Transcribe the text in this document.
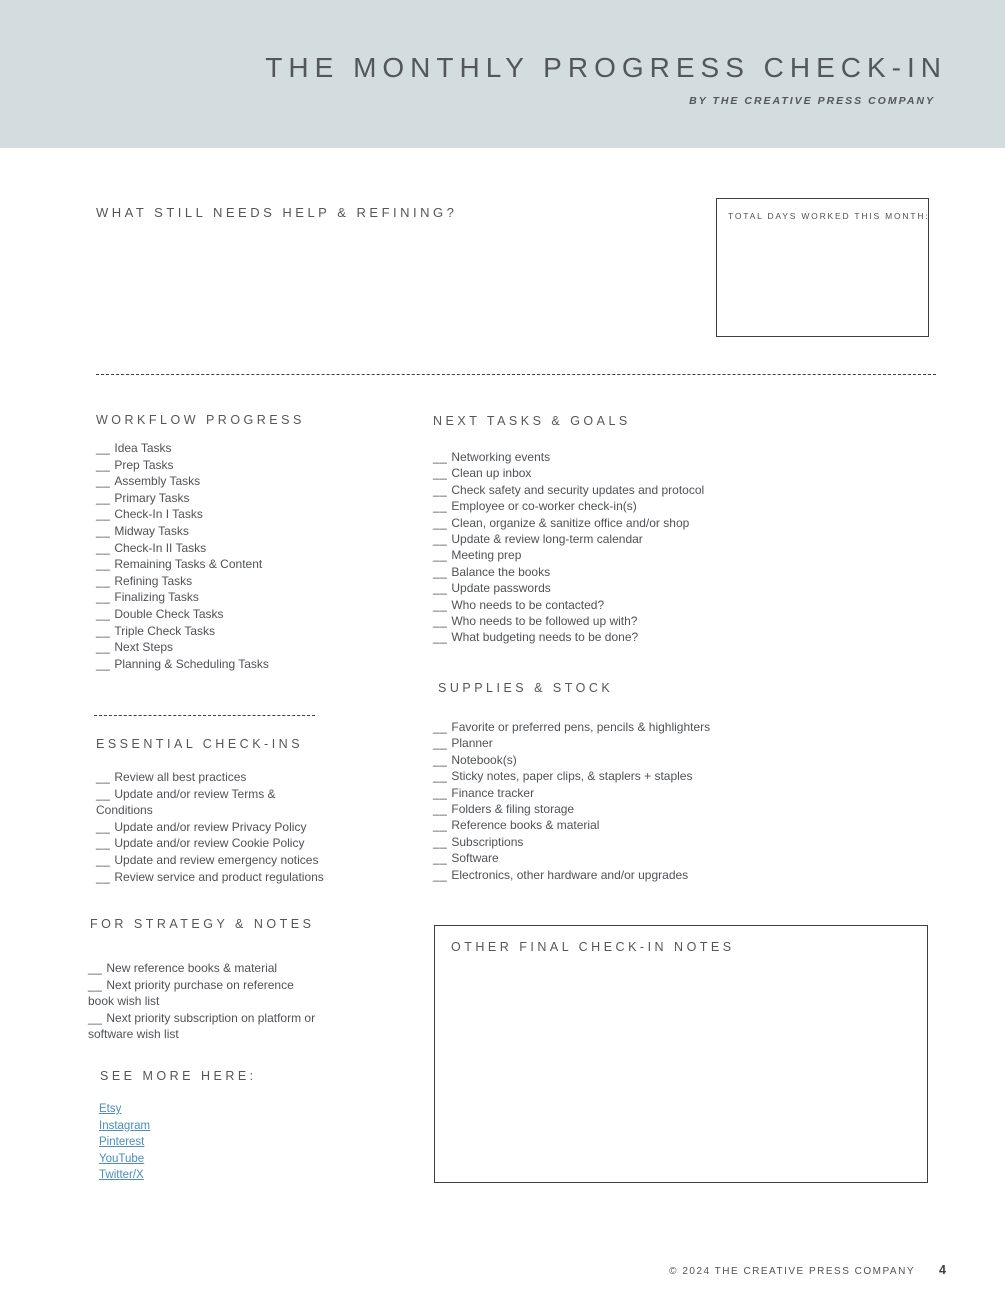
THE MONTHLY PROGRESS CHECK-IN
BY THE CREATIVE PRESS COMPANY
WHAT STILL NEEDS HELP & REFINING?	TOTAL DAYS WORKED THIS MONTH:
WORKFLOW PROGRESS
__ Idea Tasks
__ Prep Tasks
__ Assembly Tasks
__ Primary Tasks
__ Check-In I Tasks
__ Midway Tasks
__ Check-In II Tasks
__ Remaining Tasks & Content
__ Refining Tasks
__ Finalizing Tasks
__ Double Check Tasks
__ Triple Check Tasks
__ Next Steps
__ Planning & Scheduling Tasks
ESSENTIAL CHECK-INS
__ Review all best practices
__ Update and/or review Terms & Conditions
__ Update and/or review Privacy Policy
__ Update and/or review Cookie Policy
__ Update and review emergency notices
__ Review service and product regulations
FOR STRATEGY & NOTES
__ New reference books & material
__ Next priority purchase on reference book wish list
__ Next priority subscription on platform or software wish list
SEE MORE HERE:
Etsy
Instagram
Pinterest
YouTube
Twitter/X
NEXT TASKS & GOALS
__ Networking events
__ Clean up inbox
__ Check safety and security updates and protocol
__ Employee or co-worker check-in(s)
__ Clean, organize & sanitize office and/or shop
__ Update & review long-term calendar
__ Meeting prep
__ Balance the books
__ Update passwords
__ Who needs to be contacted?
__ Who needs to be followed up with?
__ What budgeting needs to be done?
SUPPLIES & STOCK
__ Favorite or preferred pens, pencils & highlighters
__ Planner
__ Notebook(s)
__ Sticky notes, paper clips, & staplers + staples
__ Finance tracker
__ Folders & filing storage
__ Reference books & material
__ Subscriptions
__ Software
__ Electronics, other hardware and/or upgrades
OTHER FINAL CHECK-IN NOTES
© 2024 THE CREATIVE PRESS COMPANY 4
